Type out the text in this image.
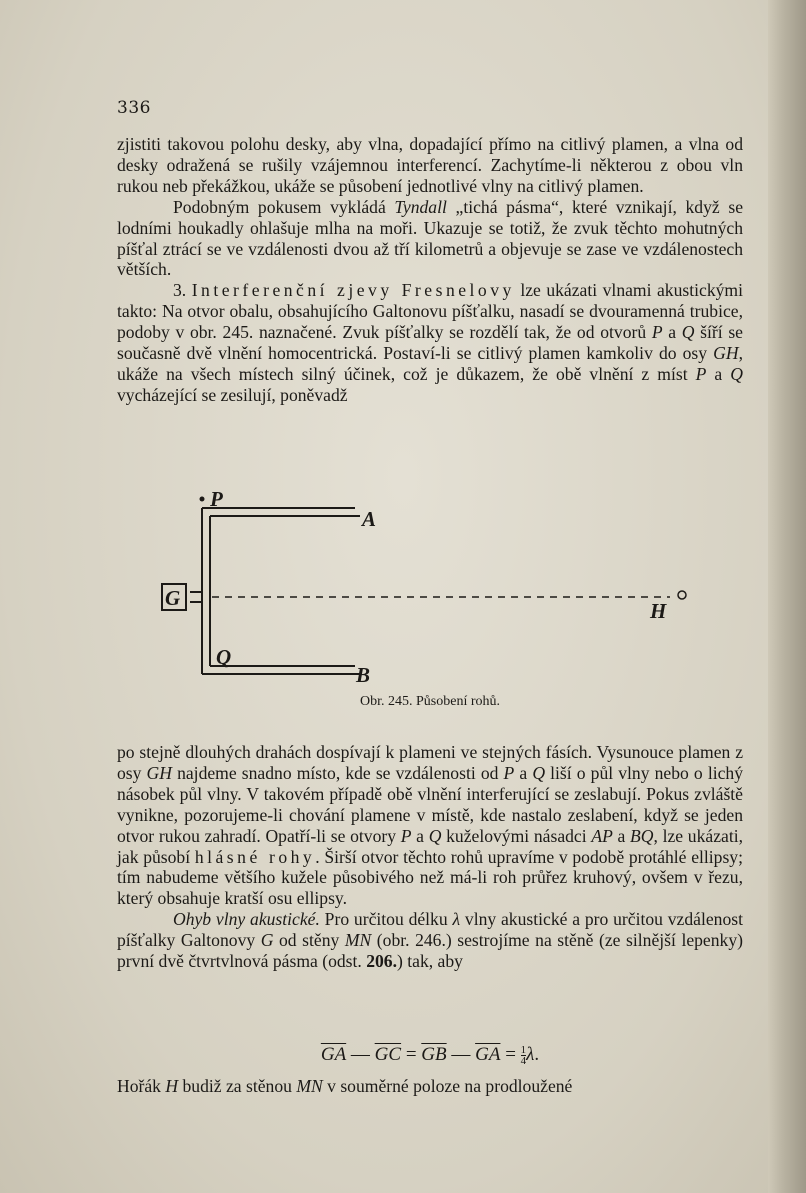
336

zjistiti takovou polohu desky, aby vlna, dopadající přímo na citlivý plamen, a vlna od desky odražená se rušily vzájemnou interferencí. Zachytíme-li některou z obou vln rukou neb překážkou, ukáže se působení jednotlivé vlny na citlivý plamen.

Podobným pokusem vykládá Tyndall „tichá pásma“, které vznikají, když se lodními houkadly ohlašuje mlha na moři. Ukazuje se totiž, že zvuk těchto mohutných píšťal ztrácí se ve vzdálenosti dvou až tří kilometrů a objevuje se zase ve vzdálenostech větších.

3. Interferenční zjevy Fresnelovy lze ukázati vlnami akustickými takto: Na otvor obalu, obsahujícího Galtonovu píšťalku, nasadí se dvouramenná trubice, podoby v obr. 245. naznačené. Zvuk píšťalky se rozdělí tak, že od otvorů P a Q šíří se současně dvě vlnění homocentrická. Postaví-li se citlivý plamen kamkoliv do osy GH, ukáže na všech místech silný účinek, což je důkazem, že obě vlnění z míst P a Q vycházející se zesilují, poněvadž

P
A
G
H
Q
B
Obr. 245. Působení rohů.

po stejně dlouhých drahách dospívají k plameni ve stejných fásích. Vysunouce plamen z osy GH najdeme snadno místo, kde se vzdálenosti od P a Q liší o půl vlny nebo o lichý násobek půl vlny. V takovém případě obě vlnění interferující se zeslabují. Pokus zvláště vynikne, pozorujeme-li chování plamene v místě, kde nastalo zeslabení, když se jeden otvor rukou zahradí. Opatří-li se otvory P a Q kuželovými násadci AP a BQ, lze ukázati, jak působí hlásné rohy. Širší otvor těchto rohů upravíme v podobě protáhlé ellipsy; tím nabudeme většího kužele působivého než má-li roh průřez kruhový, ovšem v řezu, který obsahuje kratší osu ellipsy.

Ohyb vlny akustické. Pro určitou délku λ vlny akustické a pro určitou vzdálenost píšťalky Galtonovy G od stěny MN (obr. 246.) sestrojíme na stěně (ze silnější lepenky) první dvě čtvrtvlnová pásma (odst. 206.) tak, aby

$\overline{GA}$ — $\overline{GC} = \overline{GB}$ — $\overline{GA} = \frac{1}{4} \lambda$.
Hořák H budiž za stěnou MN v souměrné poloze na prodloužené
